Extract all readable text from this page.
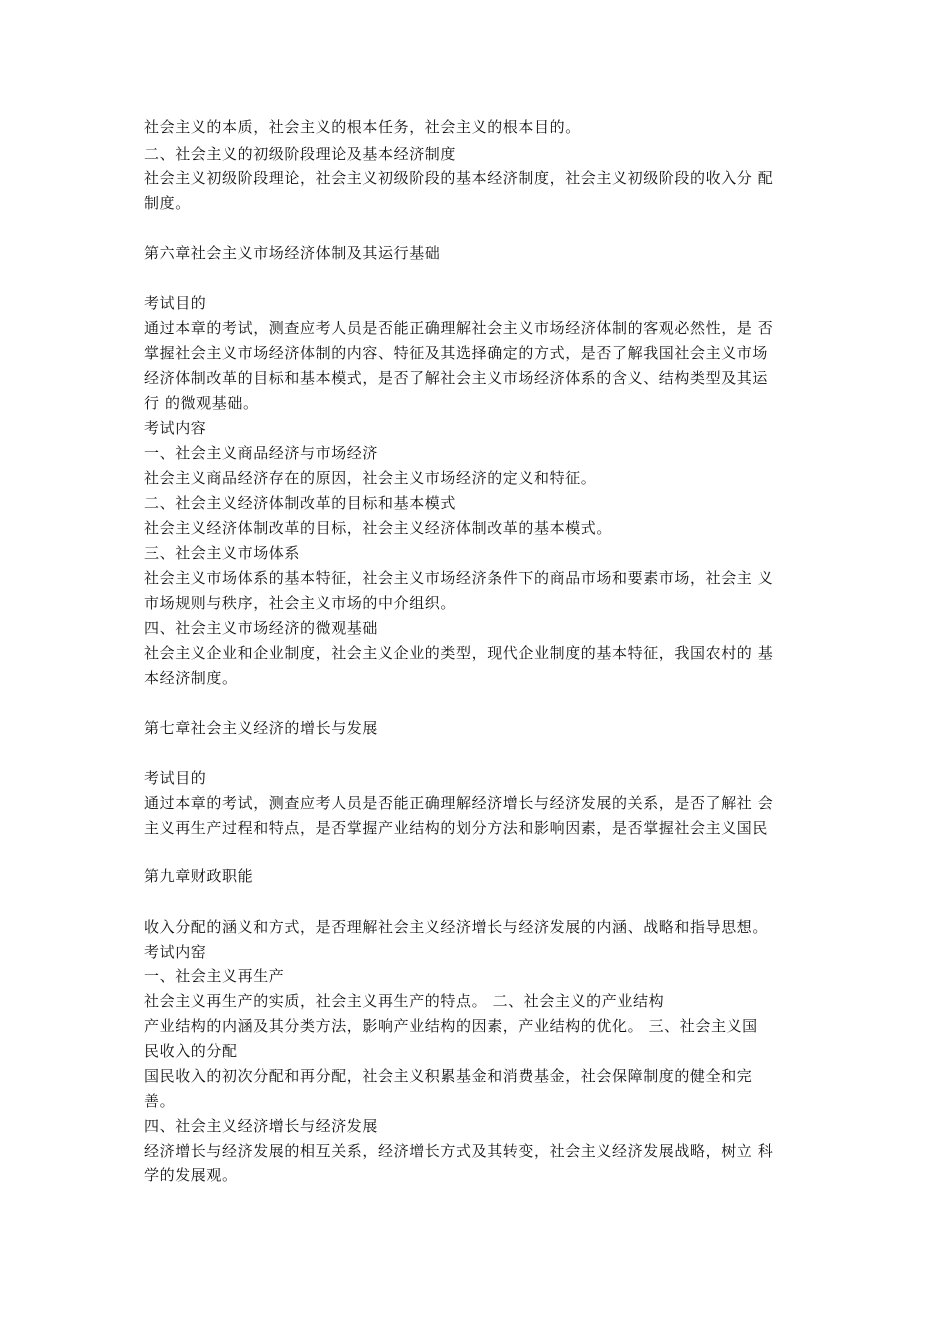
社会主义的本质，社会主义的根本任务，社会主义的根本目的。
二、社会主义的初级阶段理论及基本经济制度
社会主义初级阶段理论，社会主义初级阶段的基本经济制度，社会主义初级阶段的收入分 配
制度。
第六章社会主义市场经济体制及其运行基础
考试目的
通过本章的考试，测查应考人员是否能正确理解社会主义市场经济体制的客观必然性，是 否
掌握社会主义市场经济体制的内容、特征及其选择确定的方式，是否了解我国社会主义市场
经济体制改革的目标和基本模式，是否了解社会主义市场经济体系的含义、结构类型及其运
行 的微观基础。
考试内容
一、社会主义商品经济与市场经济
社会主义商品经济存在的原因，社会主义市场经济的定义和特征。
二、社会主义经济体制改革的目标和基本模式
社会主义经济体制改革的目标，社会主义经济体制改革的基本模式。
三、社会主义市场体系
社会主义市场体系的基本特征，社会主义市场经济条件下的商品市场和要素市场，社会主 义
市场规则与秩序，社会主义市场的中介组织。
四、社会主义市场经济的微观基础
社会主义企业和企业制度，社会主义企业的类型，现代企业制度的基本特征，我国农村的 基
本经济制度。
第七章社会主义经济的增长与发展
考试目的
通过本章的考试，测查应考人员是否能正确理解经济增长与经济发展的关系，是否了解社 会
主义再生产过程和特点，是否掌握产业结构的划分方法和影响因素，是否掌握社会主义国民
第九章财政职能
收入分配的涵义和方式，是否理解社会主义经济增长与经济发展的内涵、战略和指导思想。
考试内窑
一、社会主义再生产
社会主义再生产的实质，社会主义再生产的特点。 二、社会主义的产业结构
产业结构的内涵及其分类方法，影响产业结构的因素，产业结构的优化。 三、社会主义国
民收入的分配
国民收入的初次分配和再分配，社会主义积累基金和消费基金，社会保障制度的健全和完
善。
四、社会主义经济增长与经济发展
经济增长与经济发展的相互关系，经济增长方式及其转变，社会主义经济发展战略，树立 科
学的发展观。
